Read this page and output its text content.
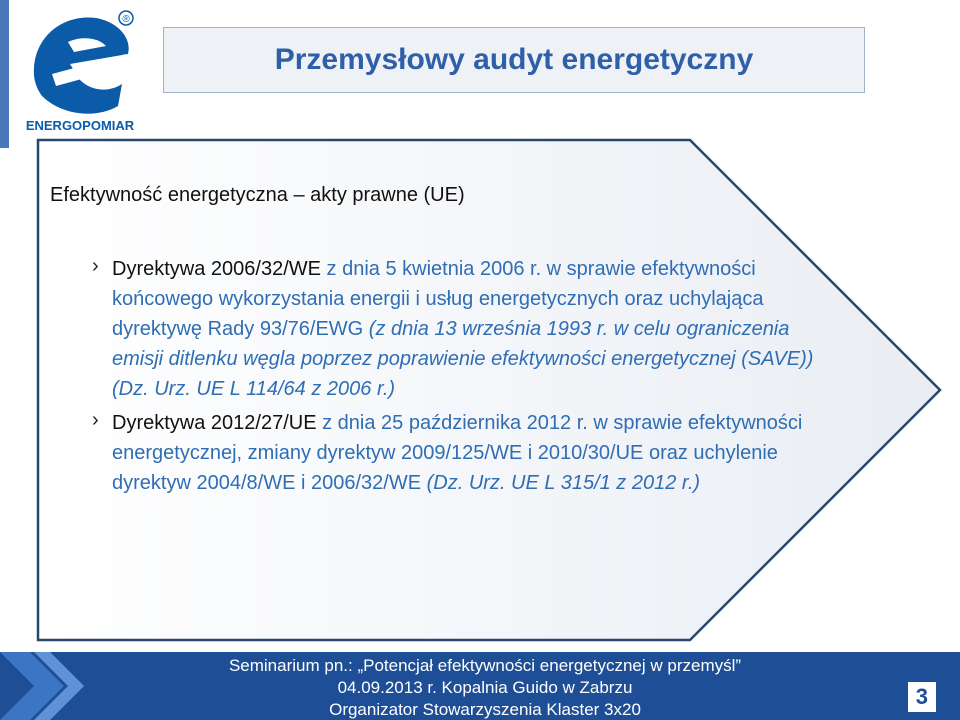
®
ENERGOPOMIAR
Przemysłowy audyt energetyczny
Efektywność energetyczna – akty prawne (UE)
› Dyrektywa 2006/32/WE z dnia 5 kwietnia 2006 r. w sprawie efektywności końcowego wykorzystania energii i usług energetycznych oraz uchylająca dyrektywę Rady 93/76/EWG (z dnia 13 września 1993 r. w celu ograniczenia emisji ditlenku węgla poprzez poprawienie efektywności energetycznej (SAVE)) (Dz. Urz. UE L 114/64 z 2006 r.)
› Dyrektywa 2012/27/UE z dnia 25 października 2012 r. w sprawie efektywności energetycznej, zmiany dyrektyw 2009/125/WE i 2010/30/UE oraz uchylenie dyrektyw 2004/8/WE i 2006/32/WE (Dz. Urz. UE L 315/1 z 2012 r.)
Seminarium pn.: „Potencjał efektywności energetycznej w przemyśl”
04.09.2013 r. Kopalnia Guido w Zabrzu
Organizator Stowarzyszenia Klaster 3x20
3
